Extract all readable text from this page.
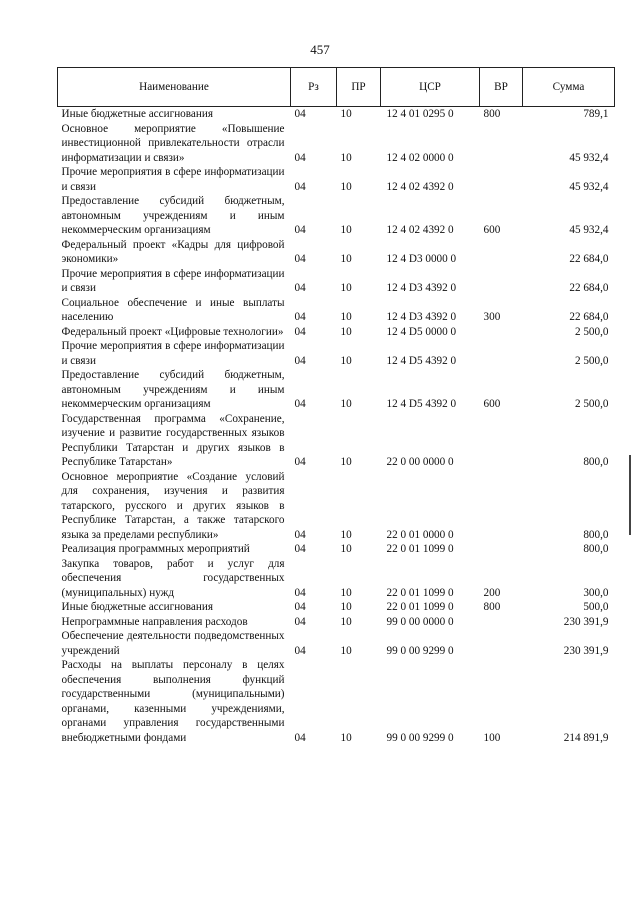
457
Наименование	Рз	ПР	ЦСР	ВР	Сумма
Иные бюджетные ассигнования	04	10	12 4 01 0295 0	800	789,1
Основное мероприятие «Повышение инвестиционной привлекательности отрасли информатизации и связи»	04	10	12 4 02 0000 0		45 932,4
Прочие мероприятия в сфере информатизации и связи	04	10	12 4 02 4392 0		45 932,4
Предоставление субсидий бюджетным, автономным учреждениям и иным некоммерческим организациям	04	10	12 4 02 4392 0	600	45 932,4
Федеральный проект «Кадры для цифровой экономики»	04	10	12 4 D3 0000 0		22 684,0
Прочие мероприятия в сфере информатизации и связи	04	10	12 4 D3 4392 0		22 684,0
Социальное обеспечение и иные выплаты населению	04	10	12 4 D3 4392 0	300	22 684,0
Федеральный проект «Цифровые технологии»	04	10	12 4 D5 0000 0		2 500,0
Прочие мероприятия в сфере информатизации и связи	04	10	12 4 D5 4392 0		2 500,0
Предоставление субсидий бюджетным, автономным учреждениям и иным некоммерческим организациям	04	10	12 4 D5 4392 0	600	2 500,0
Государственная программа «Сохранение, изучение и развитие государственных языков Республики Татарстан и других языков в Республике Татарстан»	04	10	22 0 00 0000 0		800,0
Основное мероприятие «Создание условий для сохранения, изучения и развития татарского, русского и других языков в Республике Татарстан, а также татарского языка за пределами республики»	04	10	22 0 01 0000 0		800,0
Реализация программных мероприятий	04	10	22 0 01 1099 0		800,0
Закупка товаров, работ и услуг для обеспечения государственных (муниципальных) нужд	04	10	22 0 01 1099 0	200	300,0
Иные бюджетные ассигнования	04	10	22 0 01 1099 0	800	500,0
Непрограммные направления расходов	04	10	99 0 00 0000 0		230 391,9
Обеспечение деятельности подведомственных учреждений	04	10	99 0 00 9299 0		230 391,9
Расходы на выплаты персоналу в целях обеспечения выполнения функций государственными (муниципальными) органами, казенными учреждениями, органами управления государственными внебюджетными фондами	04	10	99 0 00 9299 0	100	214 891,9
